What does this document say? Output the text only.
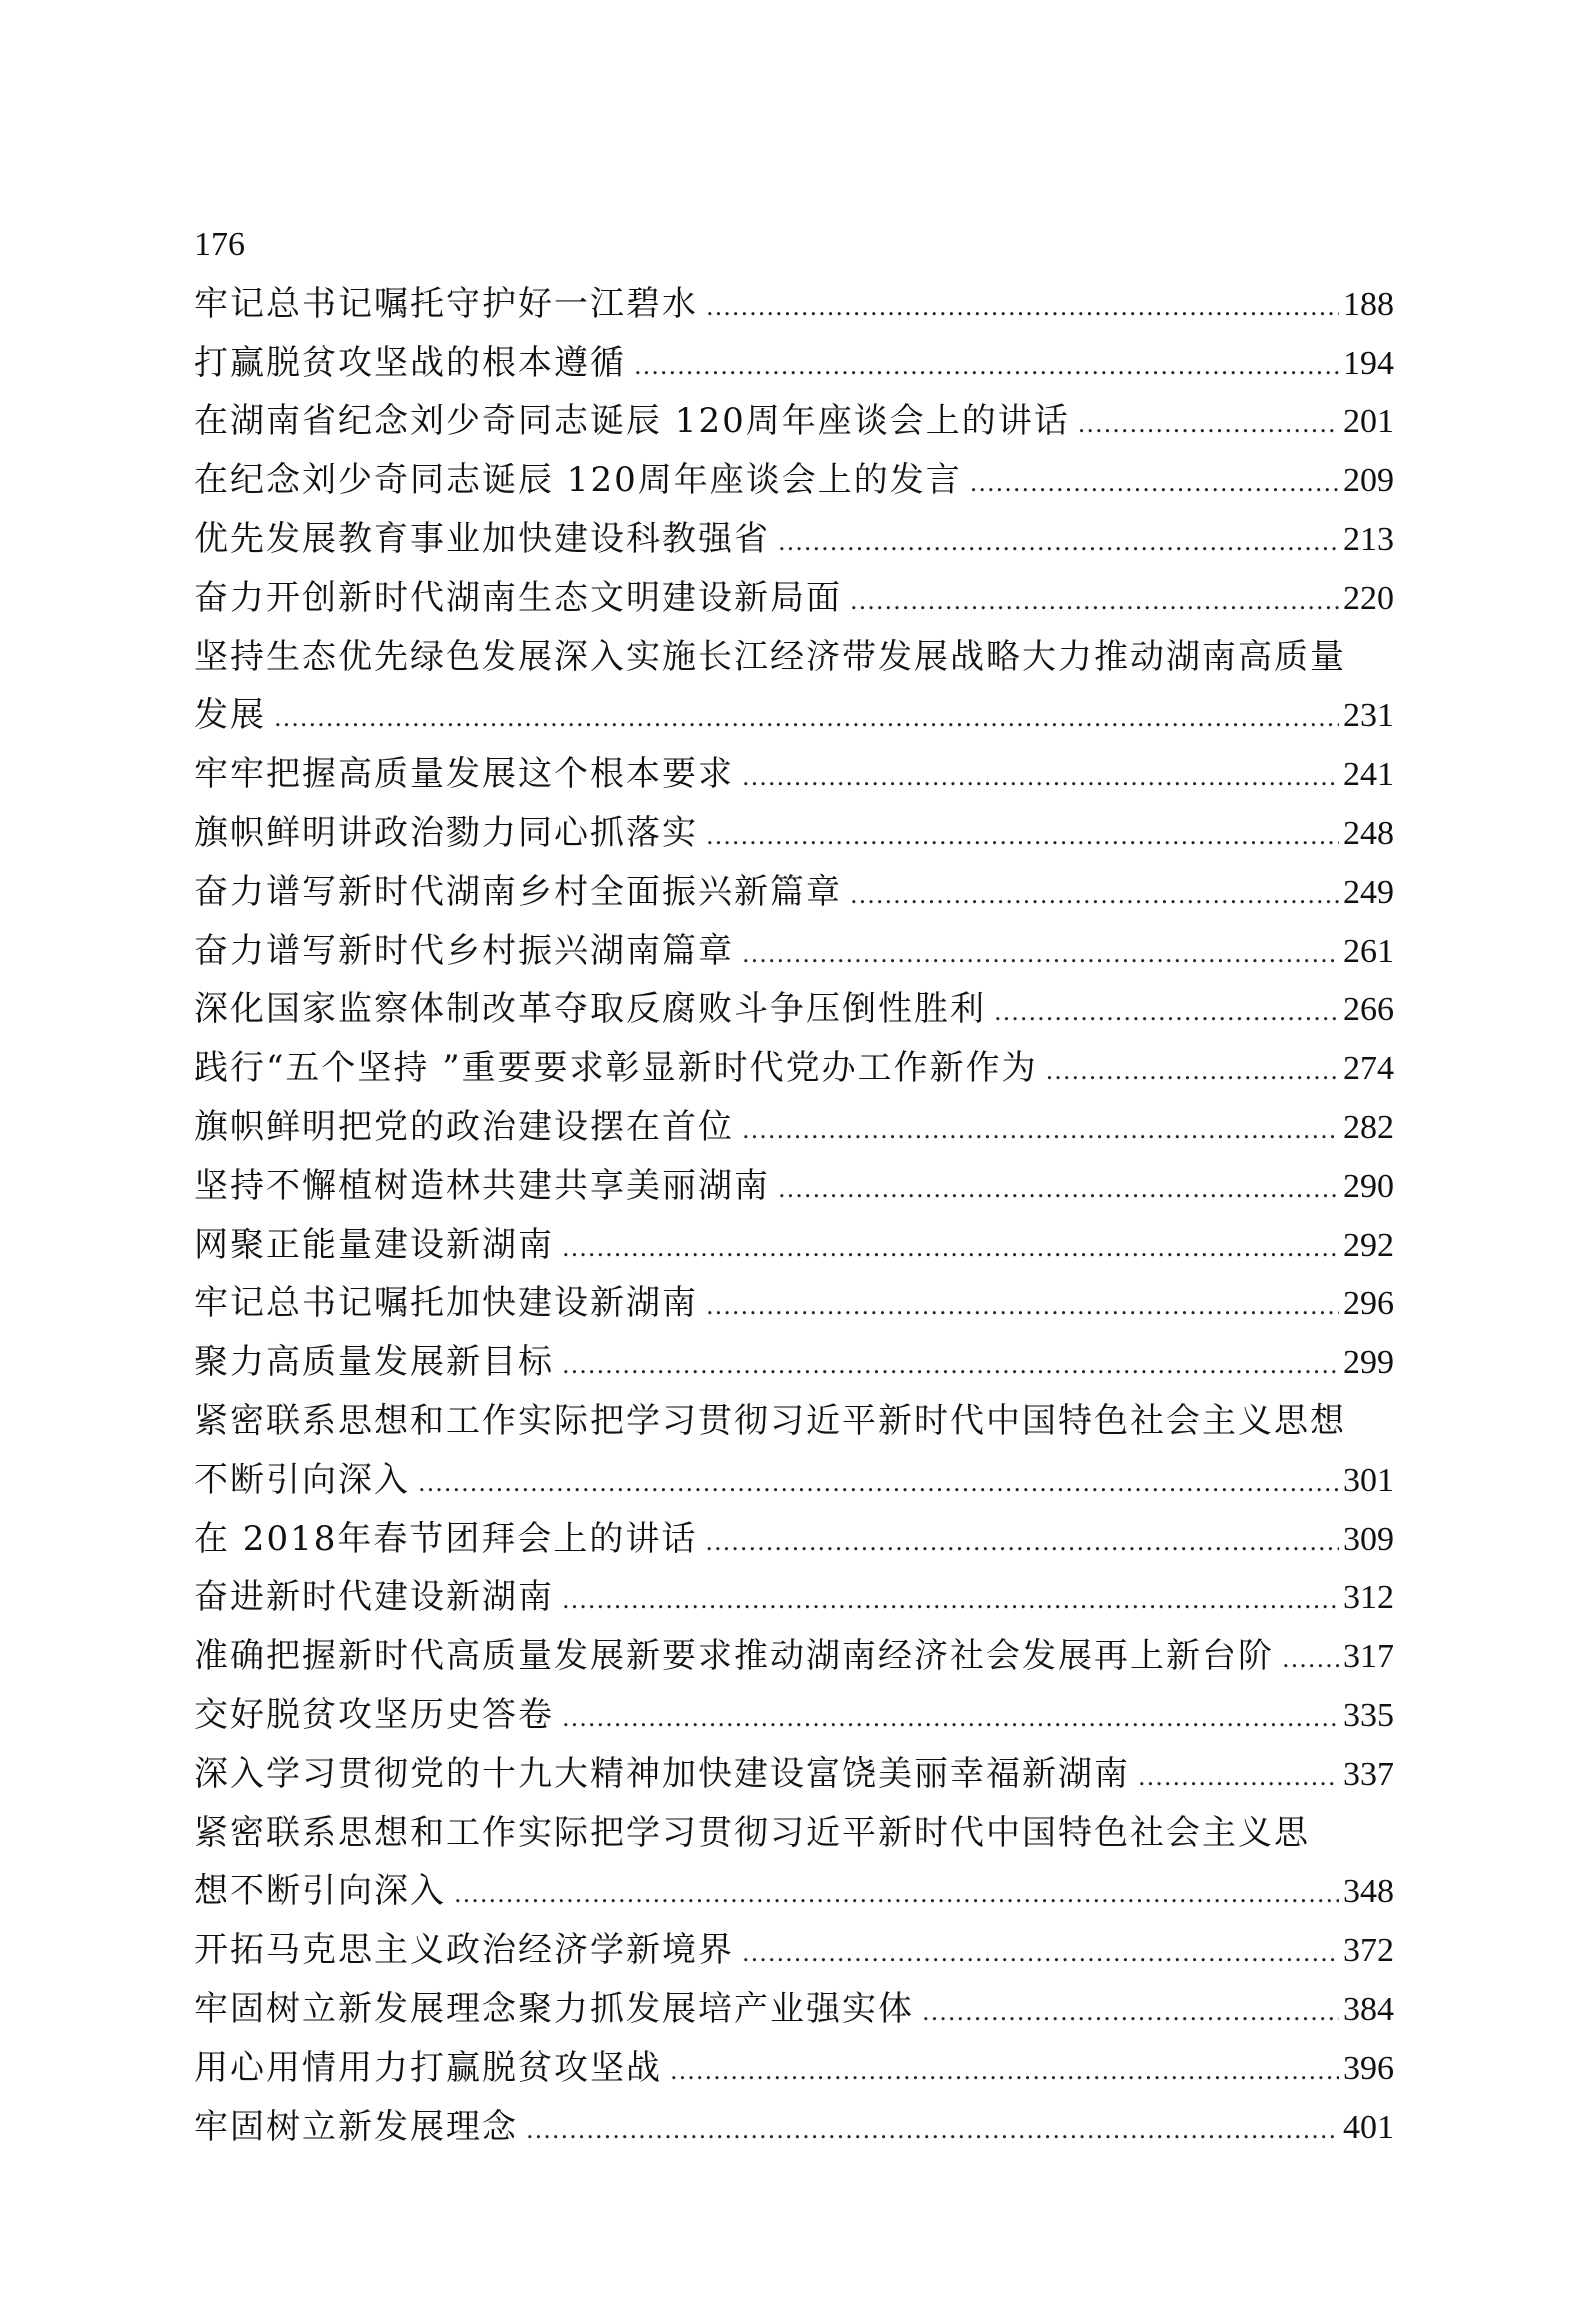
176
牢记总书记嘱托守护好一江碧水 .....	188
打赢脱贫攻坚战的根本遵循 .....	194
在湖南省纪念刘少奇同志诞辰 120周年座谈会上的讲话 .....	201
在纪念刘少奇同志诞辰 120周年座谈会上的发言 .....	209
优先发展教育事业加快建设科教强省 .....	213
奋力开创新时代湖南生态文明建设新局面 .....	220
坚持生态优先绿色发展深入实施长江经济带发展战略大力推动湖南高质量
发展 .....	231
牢牢把握高质量发展这个根本要求 .....	241
旗帜鲜明讲政治勠力同心抓落实 .....	248
奋力谱写新时代湖南乡村全面振兴新篇章 .....	249
奋力谱写新时代乡村振兴湖南篇章 .....	261
深化国家监察体制改革夺取反腐败斗争压倒性胜利 .....	266
践行“五个坚持 ”重要要求彰显新时代党办工作新作为 .....	274
旗帜鲜明把党的政治建设摆在首位 .....	282
坚持不懈植树造林共建共享美丽湖南 .....	290
网聚正能量建设新湖南 .....	292
牢记总书记嘱托加快建设新湖南 .....	296
聚力高质量发展新目标 .....	299
紧密联系思想和工作实际把学习贯彻习近平新时代中国特色社会主义思想
不断引向深入 .....	301
在 2018年春节团拜会上的讲话 .....	309
奋进新时代建设新湖南 .....	312
准确把握新时代高质量发展新要求推动湖南经济社会发展再上新台阶 ..... 317
交好脱贫攻坚历史答卷 .....	335
深入学习贯彻党的十九大精神加快建设富饶美丽幸福新湖南 .....	337
紧密联系思想和工作实际把学习贯彻习近平新时代中国特色社会主义思
想不断引向深入 .....	348
开拓马克思主义政治经济学新境界 .....	372
牢固树立新发展理念聚力抓发展培产业强实体 .....	384
用心用情用力打赢脱贫攻坚战 .....	396
牢固树立新发展理念 .....	401
